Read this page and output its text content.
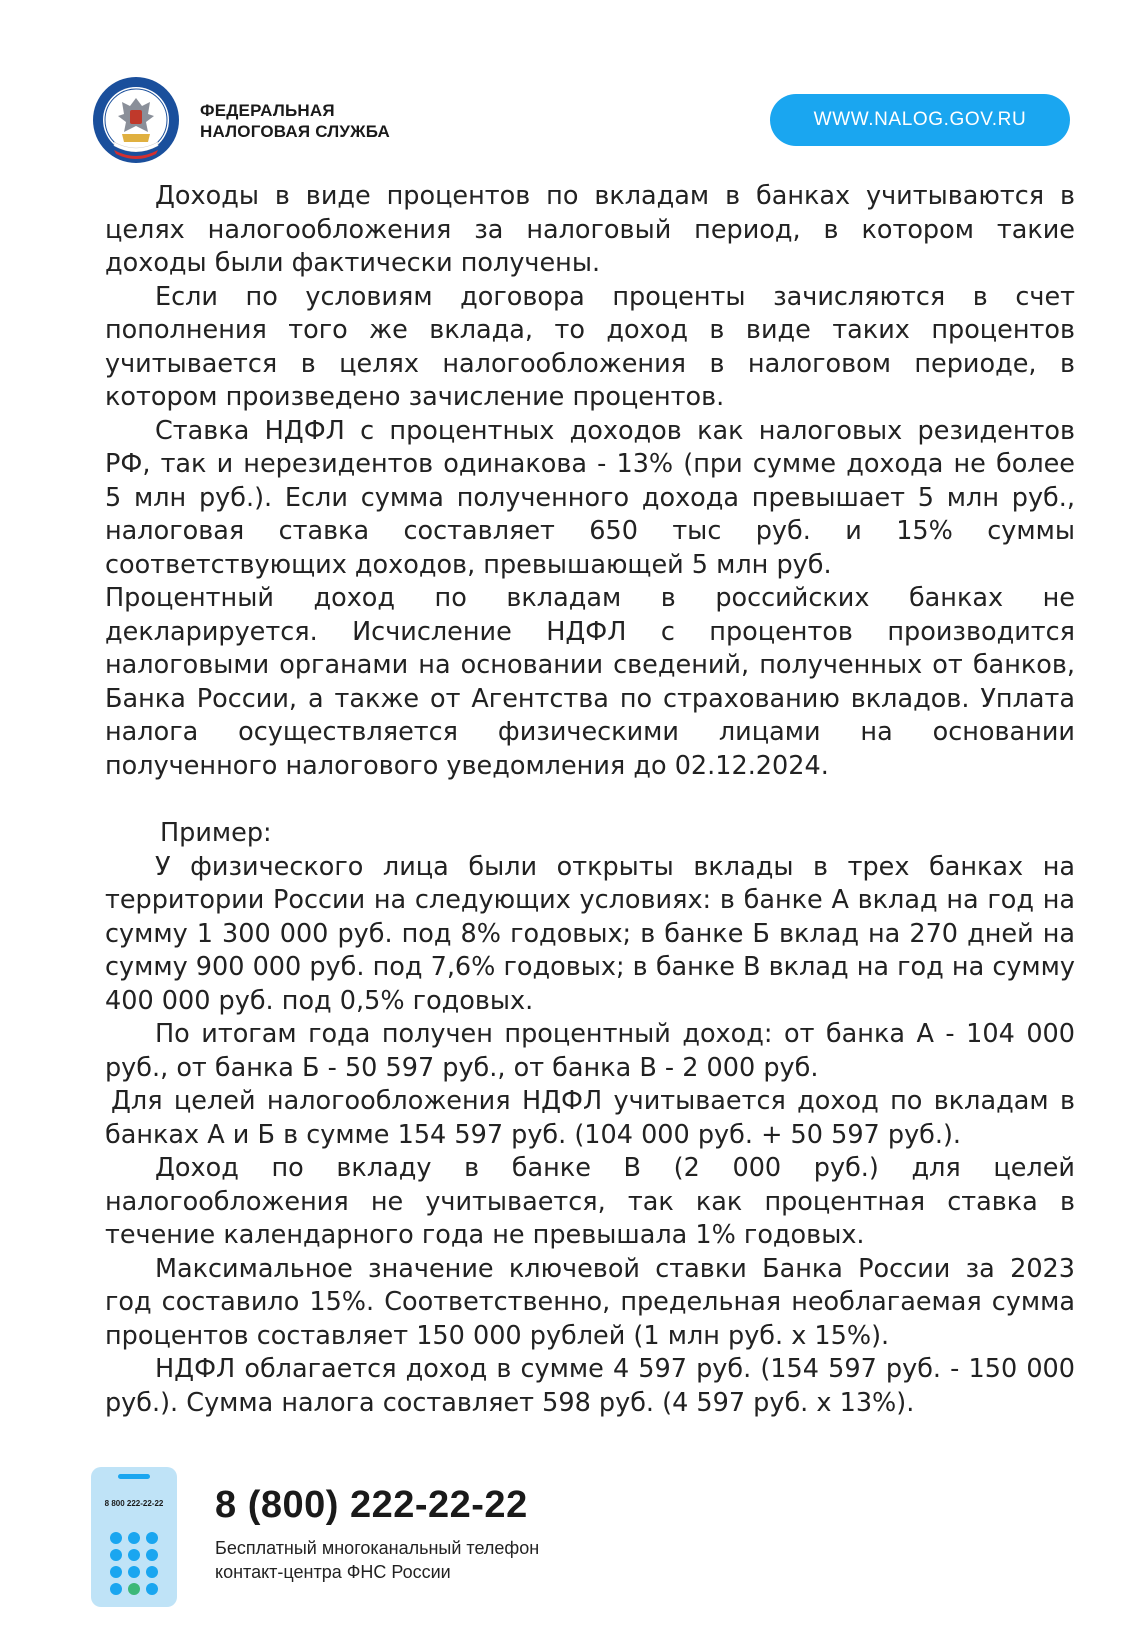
ФЕДЕРАЛЬНАЯ
НАЛОГОВАЯ СЛУЖБА
WWW.NALOG.GOV.RU

Доходы в виде процентов по вкладам в банках учитываются в целях налогообложения за налоговый период, в котором такие доходы были фактически получены.

Если по условиям договора проценты зачисляются в счет пополнения того же вклада, то доход в виде таких процентов учитывается в целях налогообложения в налоговом периоде, в котором произведено зачисление процентов.

Ставка НДФЛ с процентных доходов как налоговых резидентов РФ, так и нерезидентов одинакова - 13% (при сумме дохода не более 5 млн руб.). Если сумма полученного дохода превышает 5 млн руб., налоговая ставка составляет 650 тыс руб. и 15% суммы соответствующих доходов, превышающей 5 млн руб.

Процентный доход по вкладам в российских банках не декларируется. Исчисление НДФЛ с процентов производится налоговыми органами на основании сведений, полученных от банков, Банка России, а также от Агентства по страхованию вкладов. Уплата налога осуществляется физическими лицами на основании полученного налогового уведомления до 02.12.2024.

Пример:

У физического лица были открыты вклады в трех банках на территории России на следующих условиях: в банке А вклад на год на сумму 1 300 000 руб. под 8% годовых; в банке Б вклад на 270 дней на сумму 900 000 руб. под 7,6% годовых; в банке В вклад на год на сумму 400 000 руб. под 0,5% годовых.

По итогам года получен процентный доход: от банка А - 104 000 руб., от банка Б - 50 597 руб., от банка В - 2 000 руб.

Для целей налогообложения НДФЛ учитывается доход по вкладам в банках А и Б в сумме 154 597 руб. (104 000 руб. + 50 597 руб.).

Доход по вкладу в банке В (2 000 руб.) для целей налогообложения не учитывается, так как процентная ставка в течение календарного года не превышала 1% годовых.

Максимальное значение ключевой ставки Банка России за 2023 год составило 15%. Соответственно, предельная необлагаемая сумма процентов составляет 150 000 рублей (1 млн руб. х 15%).

НДФЛ облагается доход в сумме 4 597 руб. (154 597 руб. - 150 000 руб.). Сумма налога составляет 598 руб. (4 597 руб. х 13%).

8 800 222-22-22 8 (800) 222-22-22
Бесплатный многоканальный телефон
контакт-центра ФНС России
